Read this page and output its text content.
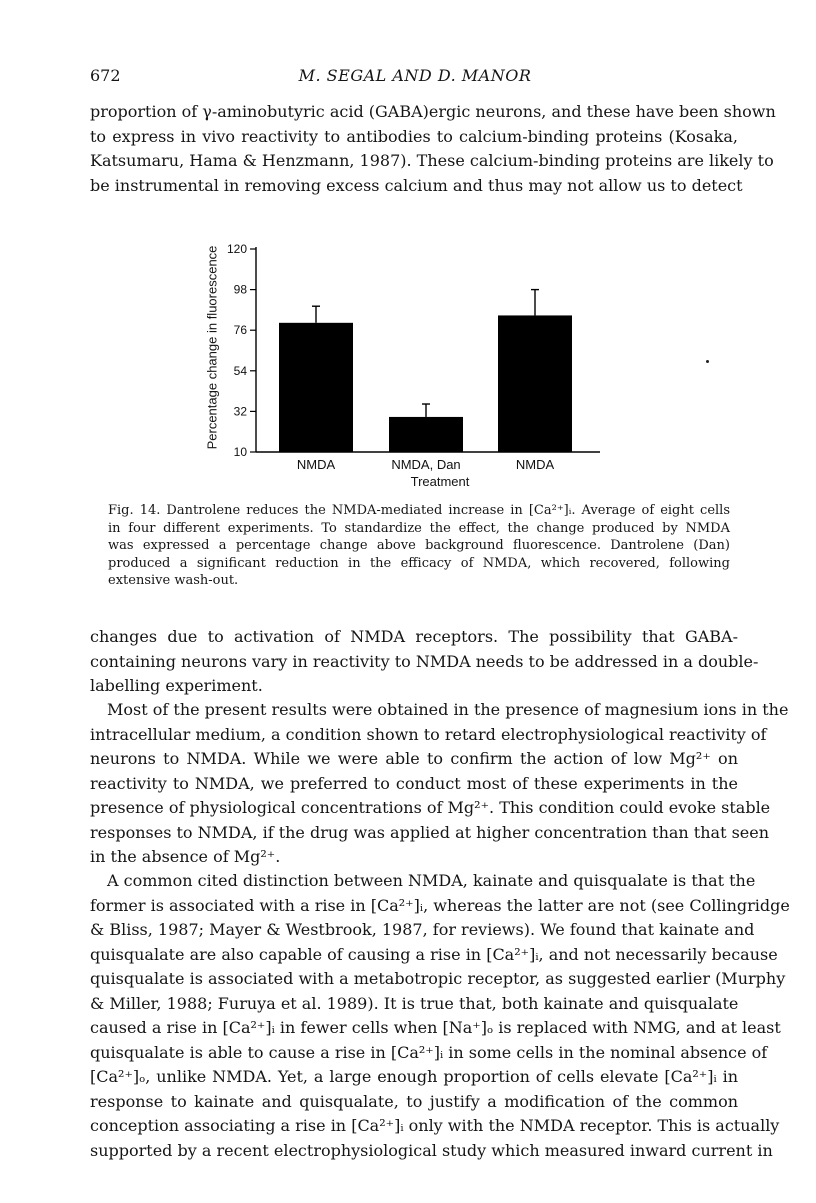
672	M. SEGAL AND D. MANOR

proportion of γ-aminobutyric acid (GABA)ergic neurons, and these have been shown
to express in vivo reactivity to antibodies to calcium-binding proteins (Kosaka,
Katsumaru, Hama & Henzmann, 1987). These calcium-binding proteins are likely to
be instrumental in removing excess calcium and thus may not allow us to detect

Percentage change in fluorescence
10
32
54
76
98
120
NMDA	NMDA, Dan	NMDA
Treatment
Fig. 14. Dantrolene reduces the NMDA-mediated increase in [Ca²⁺]ᵢ. Average of eight cells
in four different experiments. To standardize the effect, the change produced by NMDA
was expressed a percentage change above background fluorescence. Dantrolene (Dan)
produced a significant reduction in the efficacy of NMDA, which recovered, following
extensive wash-out.

changes due to activation of NMDA receptors. The possibility that GABA-
containing neurons vary in reactivity to NMDA needs to be addressed in a double-
labelling experiment.

Most of the present results were obtained in the presence of magnesium ions in the
intracellular medium, a condition shown to retard electrophysiological reactivity of
neurons to NMDA. While we were able to confirm the action of low Mg²⁺ on
reactivity to NMDA, we preferred to conduct most of these experiments in the
presence of physiological concentrations of Mg²⁺. This condition could evoke stable
responses to NMDA, if the drug was applied at higher concentration than that seen
in the absence of Mg²⁺.

A common cited distinction between NMDA, kainate and quisqualate is that the
former is associated with a rise in [Ca²⁺]ᵢ, whereas the latter are not (see Collingridge
& Bliss, 1987; Mayer & Westbrook, 1987, for reviews). We found that kainate and
quisqualate are also capable of causing a rise in [Ca²⁺]ᵢ, and not necessarily because
quisqualate is associated with a metabotropic receptor, as suggested earlier (Murphy
& Miller, 1988; Furuya et al. 1989). It is true that, both kainate and quisqualate
caused a rise in [Ca²⁺]ᵢ in fewer cells when [Na⁺]ₒ is replaced with NMG, and at least
quisqualate is able to cause a rise in [Ca²⁺]ᵢ in some cells in the nominal absence of
[Ca²⁺]ₒ, unlike NMDA. Yet, a large enough proportion of cells elevate [Ca²⁺]ᵢ in
response to kainate and quisqualate, to justify a modification of the common
conception associating a rise in [Ca²⁺]ᵢ only with the NMDA receptor. This is actually
supported by a recent electrophysiological study which measured inward current in
